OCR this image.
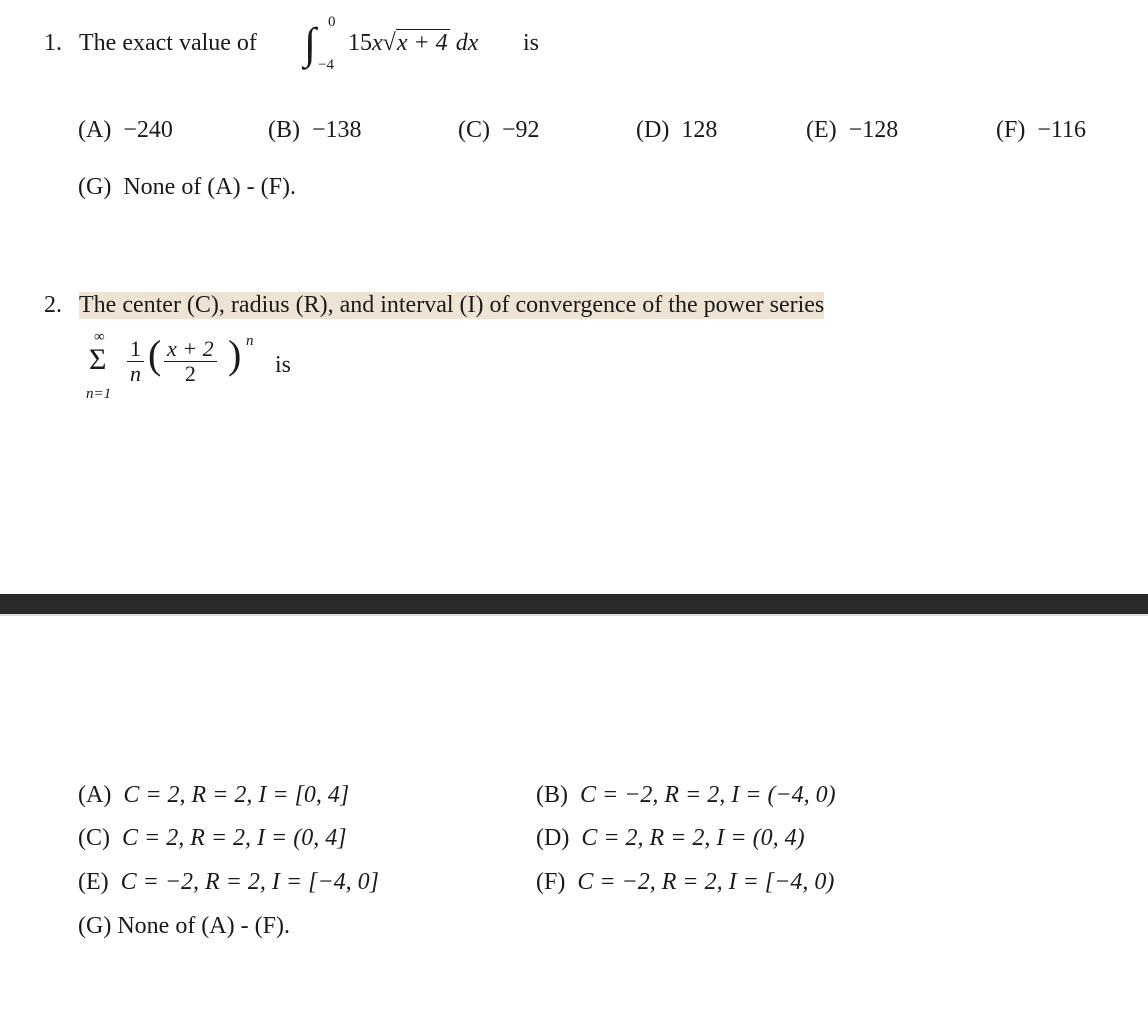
1. The exact value of ∫ 0
−4
15x√x + 4 dx is
(A) −240	(B) −138	(C) −92	(D) 128	(E) −128	(F) −116
(G) None of (A) - (F).
2. The center (C), radius (R), and interval (I) of convergence of the power series
∞
Σ
n=1
$\frac{1}{n}$ ( $\frac{x + 2}{2}$ ) n
is
(A) C = 2, R = 2, I = [0, 4]	(B) C = −2, R = 2, I = (−4, 0)
(C) C = 2, R = 2, I = (0, 4]	(D) C = 2, R = 2, I = (0, 4)
(E) C = −2, R = 2, I = [−4, 0]	(F) C = −2, R = 2, I = [−4, 0)
(G) None of (A) - (F).
